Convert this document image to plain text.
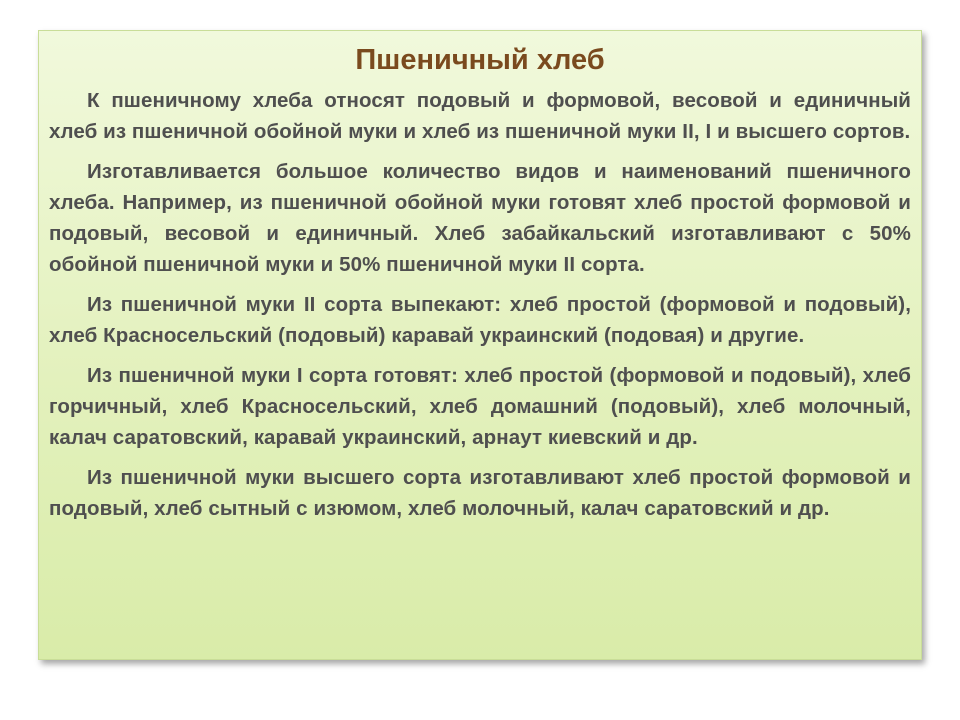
Пшеничный хлеб

К пшеничному хлеба относят подовый и формовой, весовой и единичный хлеб из пшеничной обойной муки и хлеб из пшеничной муки II, I и высшего сортов.

Изготавливается большое количество видов и наименований пшеничного хлеба. Например, из пшеничной обойной муки готовят хлеб простой формовой и подовый, весовой и единичный. Хлеб забайкальский изготавливают с 50% обойной пшеничной муки и 50% пшеничной муки II сорта.

Из пшеничной муки II сорта выпекают: хлеб простой (формовой и подовый), хлеб Красносельский (подовый) каравай украинский (подовая) и другие.

Из пшеничной муки I сорта готовят: хлеб простой (формовой и подовый), хлеб горчичный, хлеб Красносельский, хлеб домашний (подовый), хлеб молочный, калач саратовский, каравай украинский, арнаут киевский и др.

Из пшеничной муки высшего сорта изготавливают хлеб простой формовой и подовый, хлеб сытный с изюмом, хлеб молочный, калач саратовский и др.
